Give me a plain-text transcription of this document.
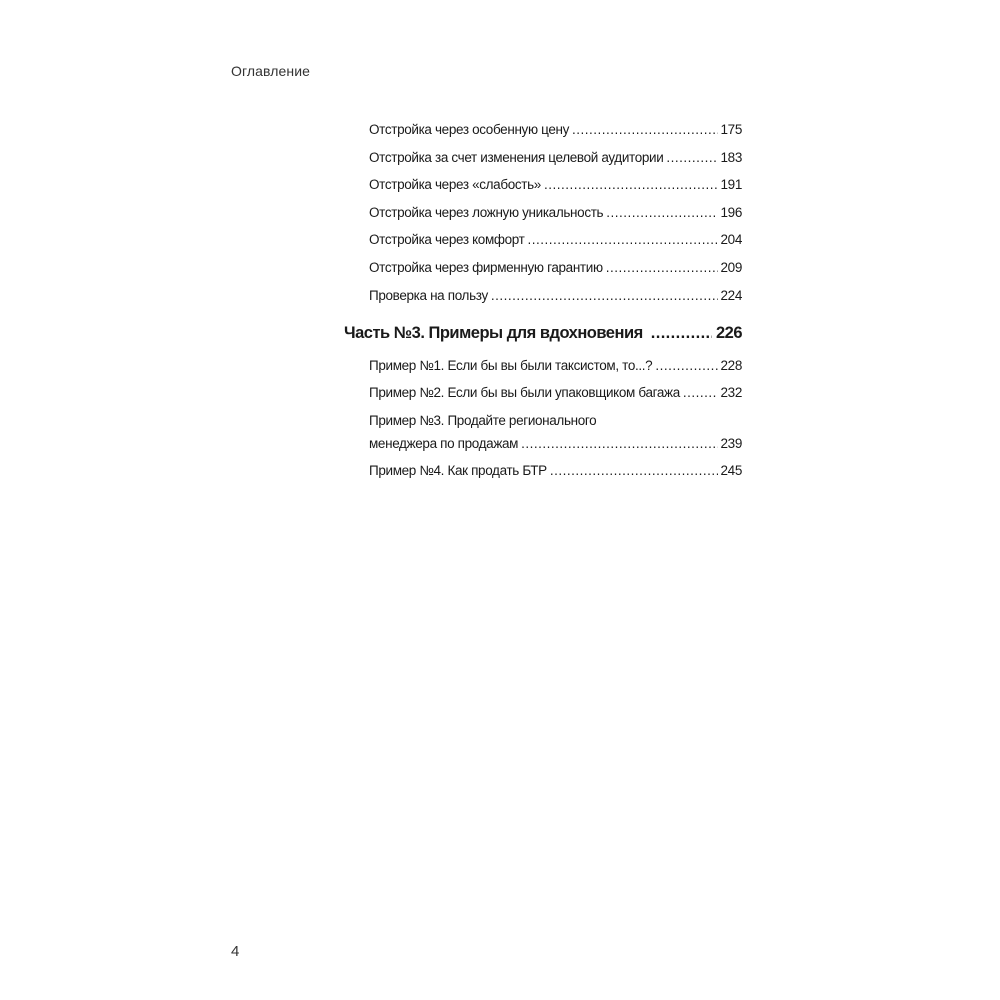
Оглавление
Отстройка через особенную цену .....	175
Отстройка за счет изменения целевой аудитории .....	183
Отстройка через «слабость» .....	191
Отстройка через ложную уникальность .....	196
Отстройка через комфорт .....	204
Отстройка через фирменную гарантию .....	209
Проверка на пользу .....	224
Часть №3. Примеры для вдохновения .....	226
Пример №1. Если бы вы были таксистом, то...? .....	228
Пример №2. Если бы вы были упаковщиком багажа .....	232
Пример №3. Продайте регионального
менеджера по продажам .....	239
Пример №4. Как продать БТР .....	245
4
